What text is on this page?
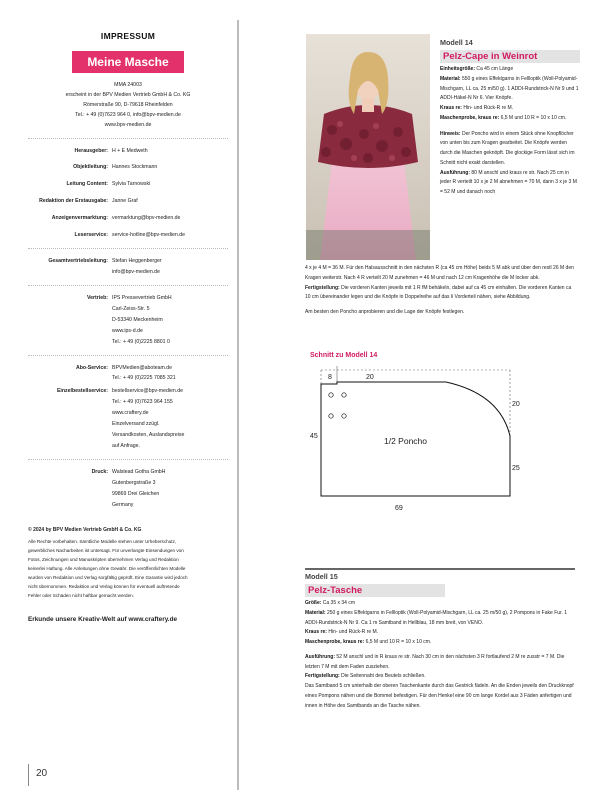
IMPRESSUM
Meine Masche
MMA 24003
erscheint in der BPV Medien Vertrieb GmbH & Co. KG
Römerstraße 90, D-79618 Rheinfelden
Tel.: + 49 (0)7623 964 0, info@bpv-medien.de
www.bpv-medien.de
Herausgeber: H + E Medweth
Objektleitung: Hannes Stockmann
Leitung Content: Sylvia Tarnowski
Redaktion der Erstausgabe: Janne Graf
Anzeigenvermarktung: vermarktung@bpv-medien.de
Leserservice: service-hotline@bpv-medien.de
Gesamtvertriebsleitung: Stefan Heggenberger
info@bpv-medien.de
Vertrieb: IPS Pressevertrieb GmbH
Carl-Zeiss-Str. 5
D-53340 Meckenheim
www.ips-d.de
Tel.: + 49 (0)2225 8801 0
Abo-Service: BPVMedien@aboteam.de
Tel.: + 49 (0)2225 7085 321
Einzelbestellservice: bestellservice@bpv-medien.de
Tel.: + 49 (0)7623 964 155
www.craftery.de
Einzelversand zzügl.
Versandkosten, Auslandspreise
auf Anfrage.
Druck: Walstead Gotha GmbH
Gutenbergstraße 3
99869 Drei Gleichen
Germany
© 2024 by BPV Medien Vertrieb GmbH & Co. KG

Alle Rechte vorbehalten. Sämtliche Modelle stehen unter Urheberschutz,

gewerbliches Nacharbeiten ist untersagt. Für unverlangte Einsendungen von

Fotos, Zeichnungen und Manuskripten übernehmen Verlag und Redaktion

keinerlei Haftung. Alle Anleitungen ohne Gewähr. Die veröffentlichten Modelle

wurden von Redaktion und Verlag sorgfältig geprüft. Eine Garantie wird jedoch

nicht übernommen. Redaktion und Verlag können für eventuell auftretende

Fehler oder Schäden nicht haftbar gemacht werden.

Erkunde unsere Kreativ-Welt auf www.craftery.de
20
Modell 14
Pelz-Cape in Weinrot
Einheitsgröße: Ca 45 cm Länge
Material: 550 g eines Effektgarns in Fellloptik (Woll-Polyamid-Mischgarn, LL ca. 25 m/50 g). 1 ADDI-Rundstrick-N Nr 9 und 1 ADDI-Häkel-N Nr 6. Vier Knöpfe.
Kraus re: Hin- und Rück-R re M.
Maschenprobe, kraus re: 6,5 M und 10 R = 10 x 10 cm.
Hinweis: Der Poncho wird in einem Stück ohne Knopflöcher von unten bis zum Kragen gearbeitet. Die Knöpfe werden durch die Maschen geknöpft. Die glockige Form lässt sich im Schnitt nicht exakt darstellen.
Ausführung: 80 M anschl und kraus re str. Nach 25 cm in jeder R verteilt 10 x je 2 M abnehmen = 70 M, dann 3 x je 3 M = 52 M und danach noch
4 x je 4 M = 36 M. Für den Halsausschnitt in den nächsten R (ca 45 cm Höhe) beids 5 M abk und über den restl 26 M den Kragen weiterstr. Nach 4 R verteilt 20 M zunehmen = 46 M und nach 12 cm Kragenhöhe die M locker abk.
Fertigstellung: Die vorderen Kanten jeweils mit 1 R fM behäkeln, dabei auf ca 45 cm einhalten. Die vorderen Kanten ca 10 cm übereinander legen und die Knöpfe in Doppelreihe auf das li Vorderteil nähen, siehe Abbildung.
Am besten den Poncho anprobieren und die Lage der Knöpfe festlegen.
Schnitt zu Modell 14
8	20
20
45
25
69
1/2 Poncho
Modell 15
Pelz-Tasche
Größe: Ca 35 x 34 cm
Material: 250 g eines Effektgarns in Fellloptik (Woll-Polyamid-Mischgarn, LL ca. 25 m/50 g), 2 Pompons in Fake Fur. 1 ADDI-Rundstrick-N Nr 9. Ca 1 m Samtband in Hellblau, 18 mm breit, von VENO.
Kraus re: Hin- und Rück-R re M.
Maschenprobe, kraus re: 6,5 M und 10 R = 10 x 10 cm.
Ausführung: 52 M anschl und in R kraus re str. Nach 30 cm in den nächsten 3 R fortlaufend 2 M re zusstr = 7 M. Die letzten 7 M mit dem Faden zusziehen.
Fertigstellung: Die Seitennaht des Beutels schließen.
Das Samtband 5 cm unterhalb der oberen Taschenkante durch das Gestrick fädeln. An die Enden jeweils den Druckknopf eines Pompons nähen und die Bommel befestigen. Für den Henkel eine 90 cm lange Kordel aus 3 Fäden anfertigen und innen in Höhe des Samtbands an die Tasche nähen.
